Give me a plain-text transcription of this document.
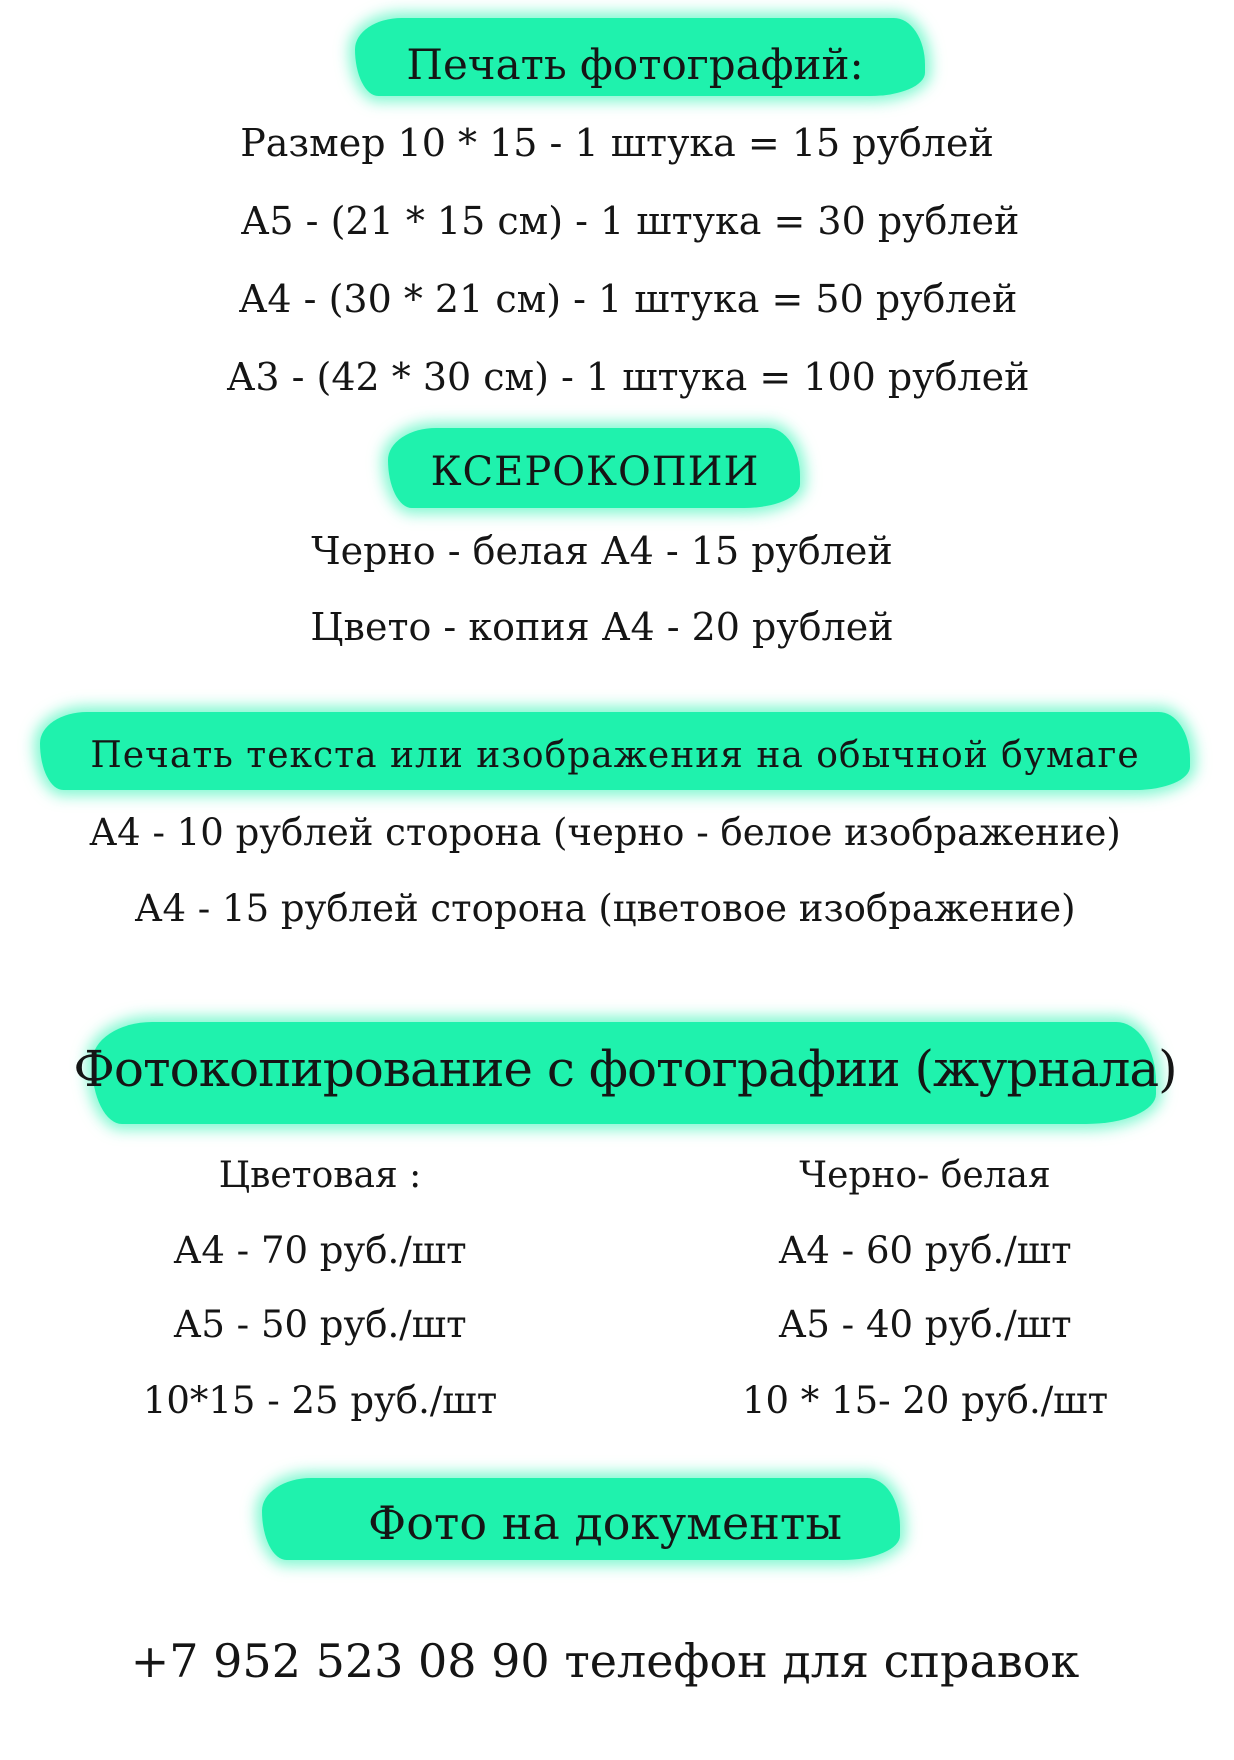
Печать фотографий:
Размер 10 * 15 - 1 штука = 15 рублей
А5 - (21 * 15 см) - 1 штука = 30 рублей
А4 - (30 * 21 см) - 1 штука = 50 рублей
А3 - (42 * 30 см) - 1 штука = 100 рублей
КСЕРОКОПИИ
Черно - белая А4 - 15 рублей
Цвето - копия А4 - 20 рублей
Печать текста или изображения на обычной бумаге
А4 - 10 рублей сторона (черно - белое изображение)
А4 - 15 рублей сторона (цветовое изображение)
Фотокопирование с фотографии (журнала)
Цветовая :
А4 - 70 руб./шт
А5 - 50 руб./шт
10*15 - 25 руб./шт
Черно- белая
А4 - 60 руб./шт
А5 - 40 руб./шт
10 * 15- 20 руб./шт
Фото на документы
+7 952 523 08 90 телефон для справок
